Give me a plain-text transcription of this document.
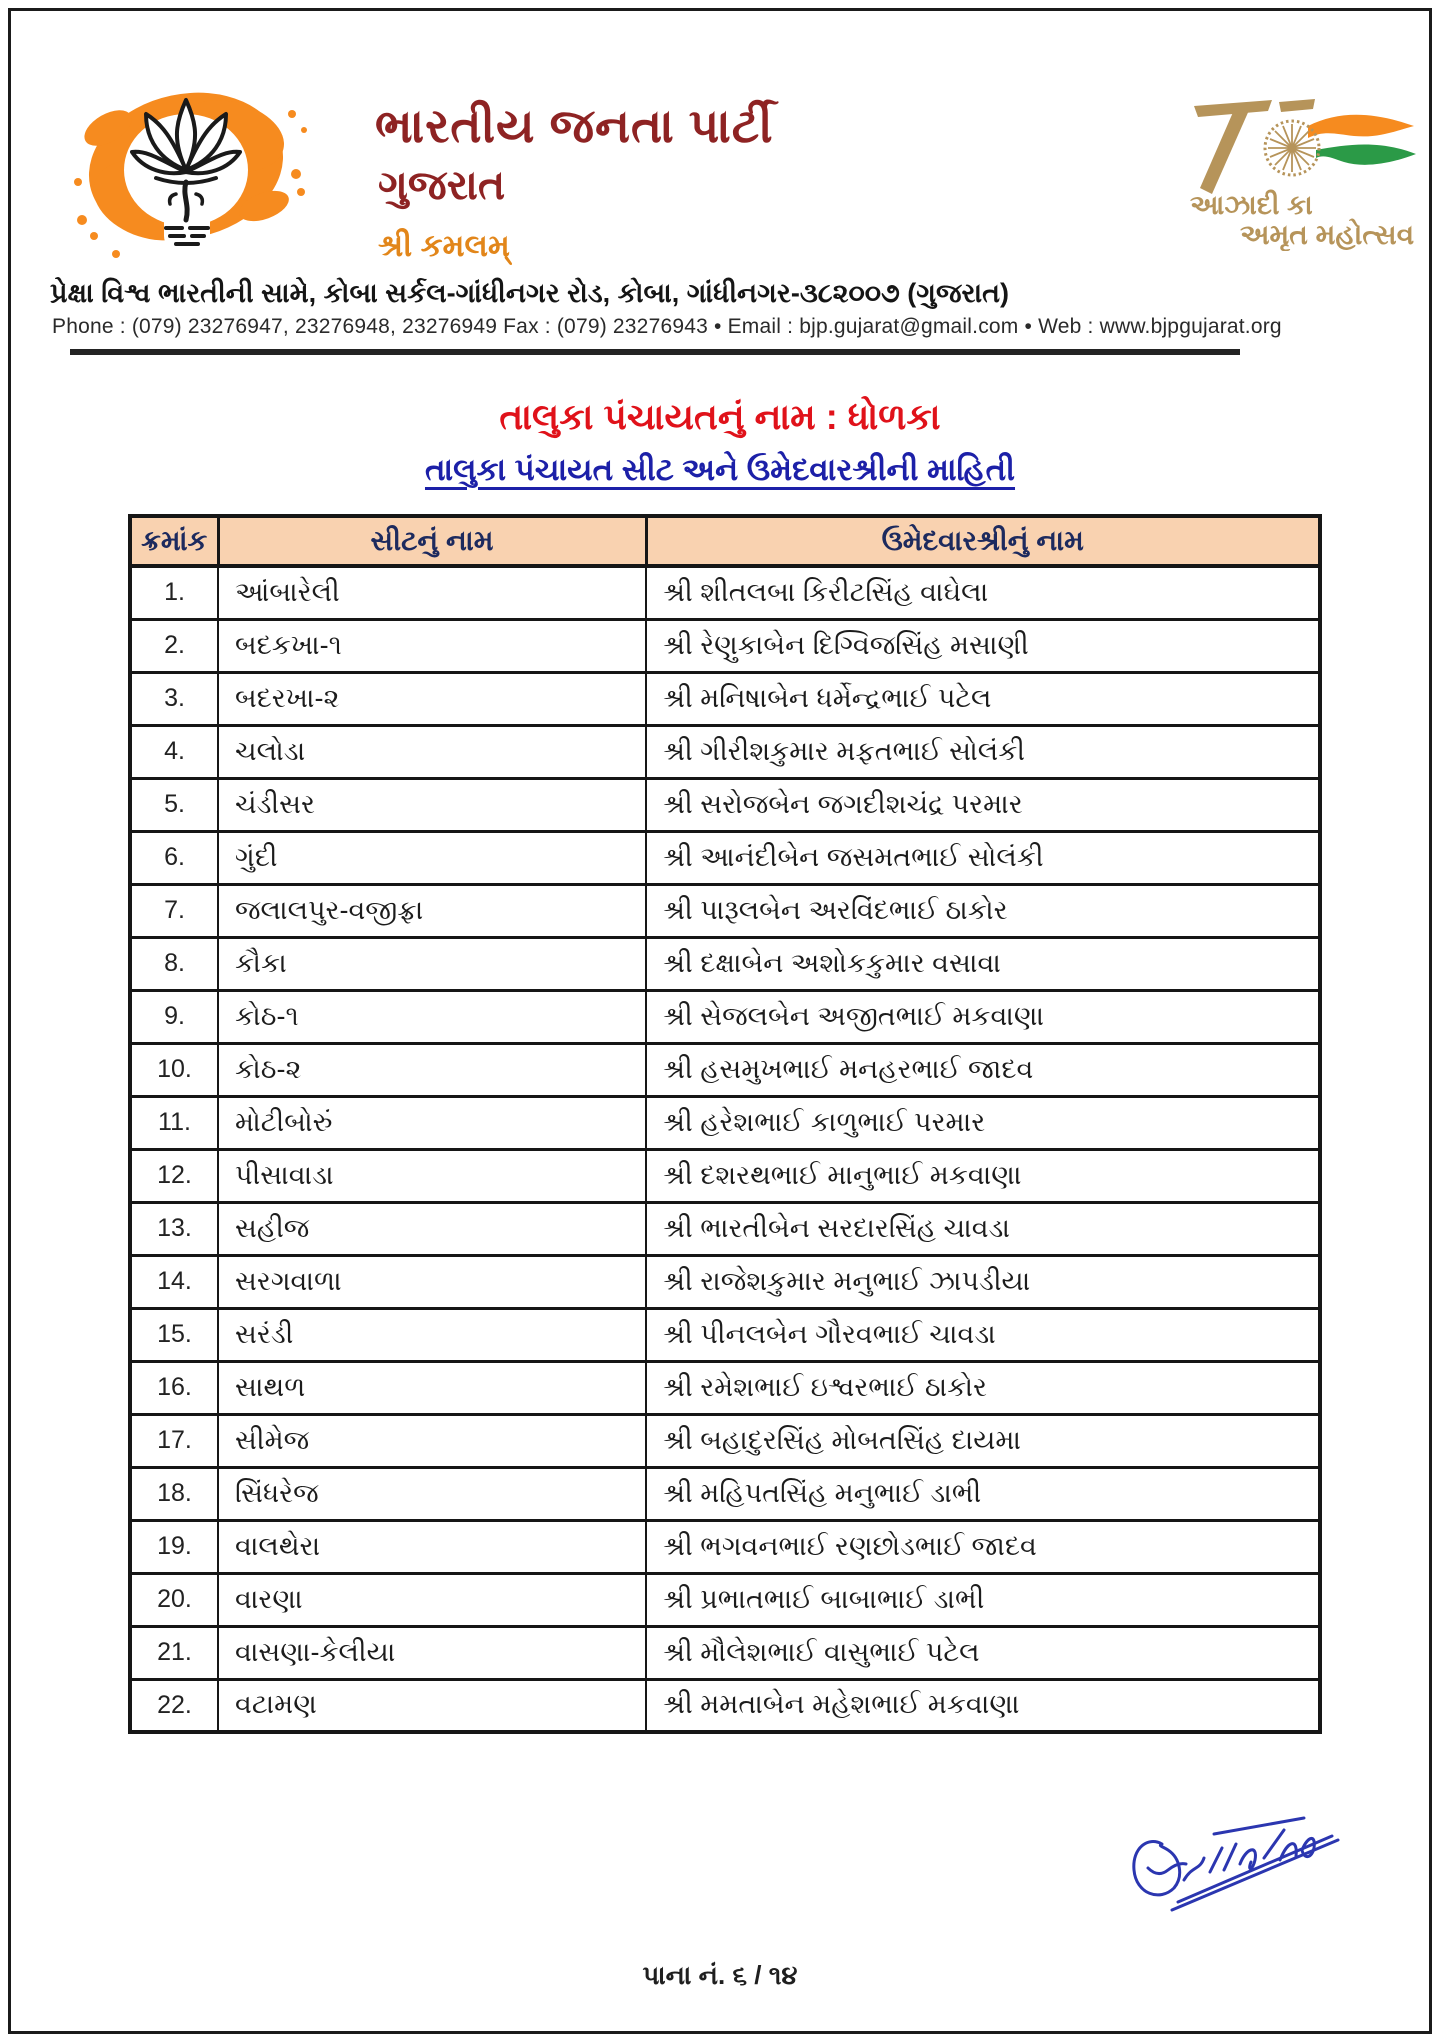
ભારતીય જનતા પાર્ટી
ગુજરાત
શ્રી કમલમ્
આઝાદી કા
અમૃત મહોત્સવ
પ્રેક્ષા વિશ્વ ભારતીની સામે, કોબા સર્કલ-ગાંધીનગર રોડ, કોબા, ગાંધીનગર-૩૮૨૦૦૭ (ગુજરાત)
Phone : (079) 23276947, 23276948, 23276949 Fax : (079) 23276943 • Email : bjp.gujarat@gmail.com • Web : www.bjpgujarat.org
તાલુકા પંચાયતનું નામ : ધોળકા
તાલુકા પંચાયત સીટ અને ઉમેદવારશ્રીની માહિતી
ક્રમાંક	સીટનું નામ	ઉમેદવારશ્રીનું નામ
1.	આંબારેલી	શ્રી શીતલબા કિરીટસિંહ વાઘેલા
2.	બદકખા-૧	શ્રી રેણુકાબેન દિગ્વિજસિંહ મસાણી
3.	બદરખા-૨	શ્રી મનિષાબેન ધર્મેન્દ્રભાઈ પટેલ
4.	ચલોડા	શ્રી ગીરીશકુમાર મફતભાઈ સોલંકી
5.	ચંડીસર	શ્રી સરોજબેન જગદીશચંદ્ર પરમાર
6.	ગુંદી	શ્રી આનંદીબેન જસમતભાઈ સોલંકી
7.	જલાલપુર-વજીફ્રા	શ્રી પારૂલબેન અરવિંદભાઈ ઠાકોર
8.	કૌકા	શ્રી દક્ષાબેન અશોકકુમાર વસાવા
9.	કોઠ-૧	શ્રી સેજલબેન અજીતભાઈ મકવાણા
10.	કોઠ-૨	શ્રી હસમુખભાઈ મનહરભાઈ જાદવ
11.	મોટીબોરું	શ્રી હરેશભાઈ કાળુભાઈ પરમાર
12.	પીસાવાડા	શ્રી દશરથભાઈ માનુભાઈ મકવાણા
13.	સહીજ	શ્રી ભારતીબેન સરદારસિંહ ચાવડા
14.	સરગવાળા	શ્રી રાજેશકુમાર મનુભાઈ ઝાપડીયા
15.	સરંડી	શ્રી પીનલબેન ગૌરવભાઈ ચાવડા
16.	સાથળ	શ્રી રમેશભાઈ ઇશ્વરભાઈ ઠાકોર
17.	સીમેજ	શ્રી બહાદુરસિંહ મોબતસિંહ દાયમા
18.	સિંધરેજ	શ્રી મહિપતસિંહ મનુભાઈ ડાભી
19.	વાલથેરા	શ્રી ભગવનભાઈ રણછોડભાઈ જાદવ
20.	વારણા	શ્રી પ્રભાતભાઈ બાબાભાઈ ડાભી
21.	વાસણા-કેલીયા	શ્રી મૌલેશભાઈ વાસુભાઈ પટેલ
22.	વટામણ	શ્રી મમતાબેન મહેશભાઈ મકવાણા
પાના નં. ૬ / ૧૪
